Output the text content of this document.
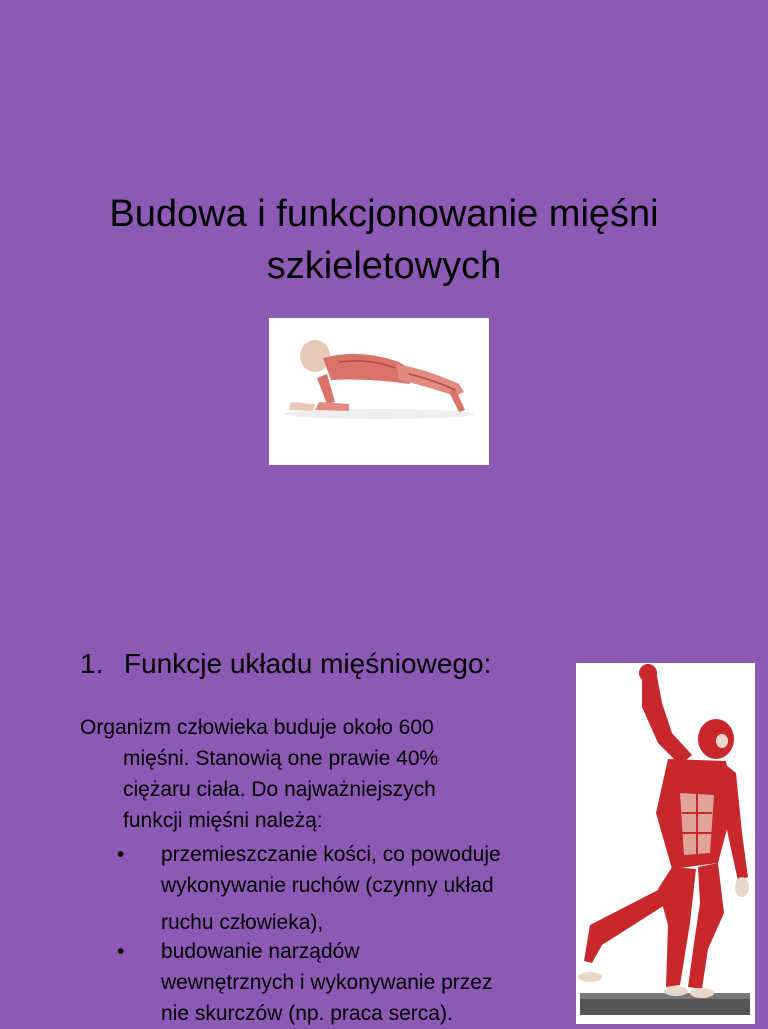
Budowa i funkcjonowanie mięśni szkieletowych
1. Funkcje układu mięśniowego:
Organizm człowieka buduje około 600
mięśni. Stanowią one prawie 40%
ciężaru ciała. Do najważniejszych
funkcji mięśni należą:
• przemieszczanie kości, co powoduje
wykonywanie ruchów (czynny układ
ruchu człowieka),
• budowanie narządów
wewnętrznych i wykonywanie przez
nie skurczów (np. praca serca).
